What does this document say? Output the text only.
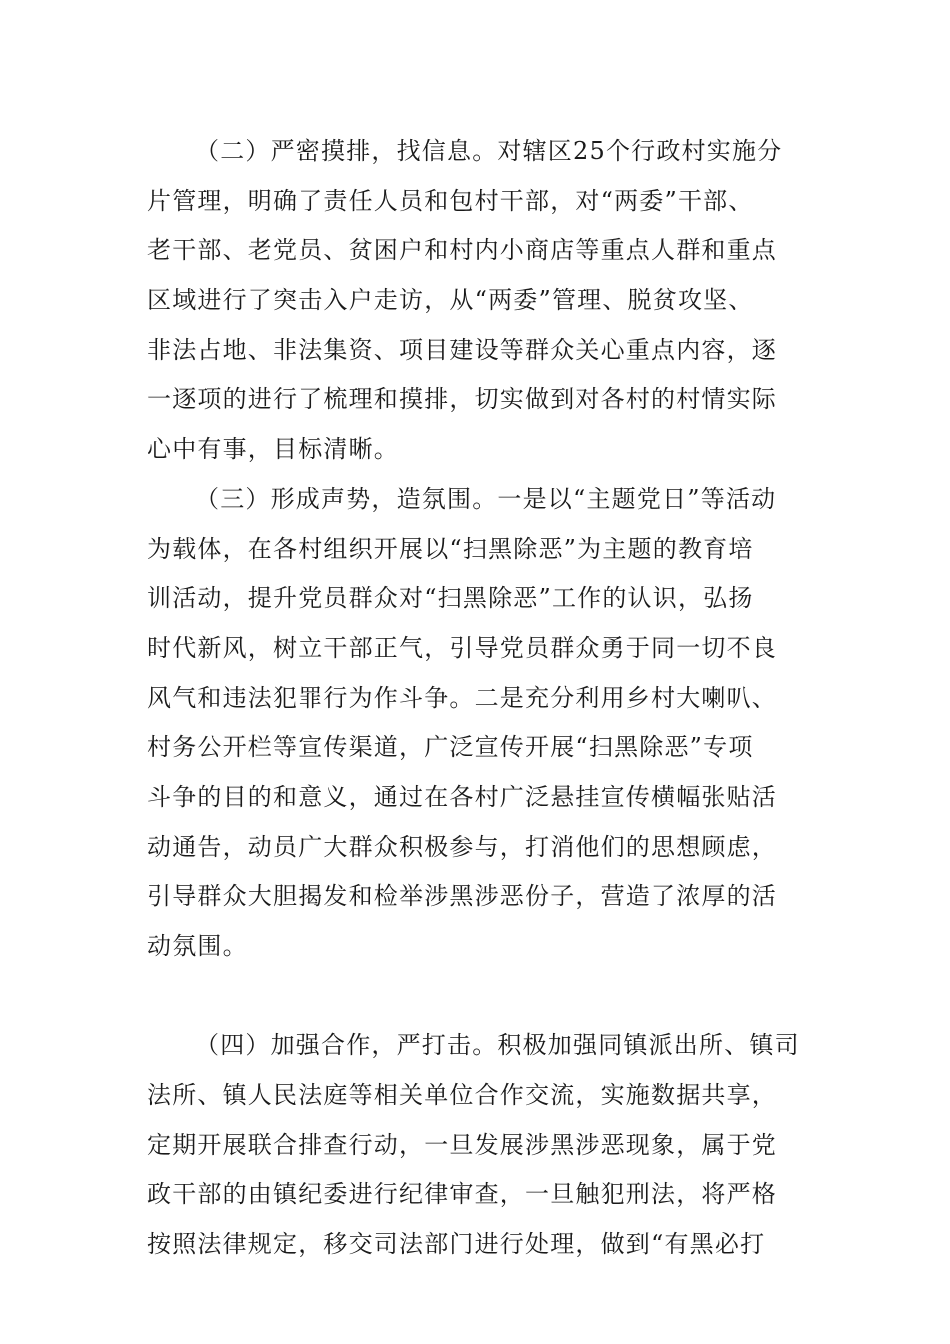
（二）严密摸排，找信息。对辖区25个行政村实施分
片管理，明确了责任人员和包村干部，对“两委”干部、
老干部、老党员、贫困户和村内小商店等重点人群和重点
区域进行了突击入户走访，从“两委”管理、脱贫攻坚、
非法占地、非法集资、项目建设等群众关心重点内容，逐
一逐项的进行了梳理和摸排，切实做到对各村的村情实际
心中有事，目标清晰。
（三）形成声势，造氛围。一是以“主题党日”等活动
为载体，在各村组织开展以“扫黑除恶”为主题的教育培
训活动，提升党员群众对“扫黑除恶”工作的认识，弘扬
时代新风，树立干部正气，引导党员群众勇于同一切不良
风气和违法犯罪行为作斗争。二是充分利用乡村大喇叭、
村务公开栏等宣传渠道，广泛宣传开展“扫黑除恶”专项
斗争的目的和意义，通过在各村广泛悬挂宣传横幅张贴活
动通告，动员广大群众积极参与，打消他们的思想顾虑，
引导群众大胆揭发和检举涉黑涉恶份子，营造了浓厚的活
动氛围。
（四）加强合作，严打击。积极加强同镇派出所、镇司
法所、镇人民法庭等相关单位合作交流，实施数据共享，
定期开展联合排查行动，一旦发展涉黑涉恶现象，属于党
政干部的由镇纪委进行纪律审查，一旦触犯刑法，将严格
按照法律规定，移交司法部门进行处理，做到“有黑必打
